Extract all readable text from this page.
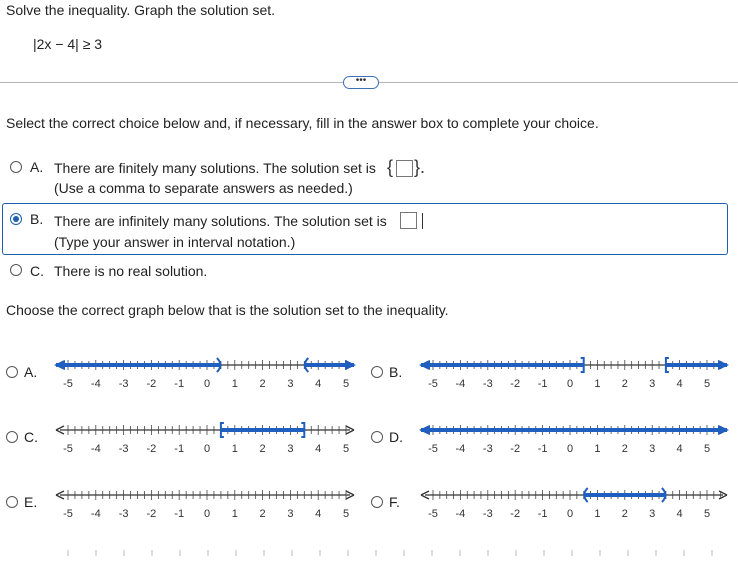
Solve the inequality. Graph the solution set.
|2x − 4| ≥ 3
•••
Select the correct choice below and, if necessary, fill in the answer box to complete your choice.
A. There are finitely many solutions. The solution set is { }.
(Use a comma to separate answers as needed.)
B. There are infinitely many solutions. The solution set is
(Type your answer in interval notation.)
C. There is no real solution.
Choose the correct graph below that is the solution set to the inequality.
A.
-5 -4 -3 -2 -1 0 1 2 3 4 5
B.
-5 -4 -3 -2 -1 0 1 2 3 4 5
C.
-5 -4 -3 -2 -1 0 1 2 3 4 5
D.
-5 -4 -3 -2 -1 0 1 2 3 4 5
E.
-5 -4 -3 -2 -1 0 1 2 3 4 5
F.
-5 -4 -3 -2 -1 0 1 2 3 4 5
